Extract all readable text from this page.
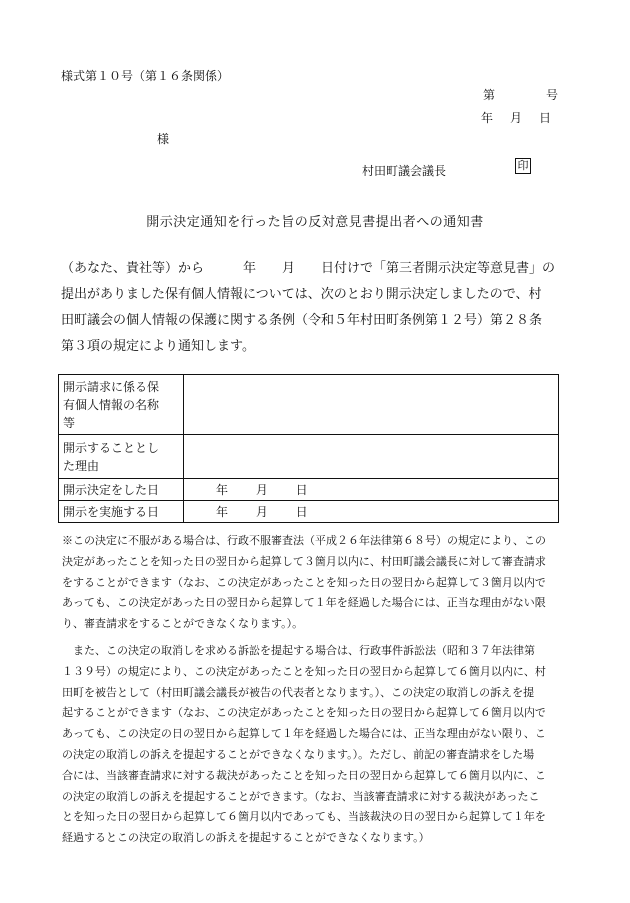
様式第１０号（第１６条関係）
第	号
年 月 日
様
村田町議会議長	印
開示決定通知を行った旨の反対意見書提出者への通知書
（あなた、貴社等）から　　　年　　月　　日付けで「第三者開示決定等意見書」の
提出がありました保有個人情報については、次のとおり開示決定しましたので、村
田町議会の個人情報の保護に関する条例（令和５年村田町条例第１２号）第２８条
第３項の規定により通知します。
開示請求に係る保
有個人情報の名称
等	

開示することとし
た理由	

開示決定をした日	年 月 日

開示を実施する日	年 月 日
※この決定に不服がある場合は、行政不服審査法（平成２６年法律第６８号）の規定により、この
決定があったことを知った日の翌日から起算して３箇月以内に、村田町議会議長に対して審査請求
をすることができます（なお、この決定があったことを知った日の翌日から起算して３箇月以内で
あっても、この決定があった日の翌日から起算して１年を経過した場合には、正当な理由がない限
り、審査請求をすることができなくなります。）。
　また、この決定の取消しを求める訴訟を提起する場合は、行政事件訴訟法（昭和３７年法律第
１３９号）の規定により、この決定があったことを知った日の翌日から起算して６箇月以内に、村
田町を被告として（村田町議会議長が被告の代表者となります。）、この決定の取消しの訴えを提
起することができます（なお、この決定があったことを知った日の翌日から起算して６箇月以内で
あっても、この決定の日の翌日から起算して１年を経過した場合には、正当な理由がない限り、こ
の決定の取消しの訴えを提起することができなくなります。）。ただし、前記の審査請求をした場
合には、当該審査請求に対する裁決があったことを知った日の翌日から起算して６箇月以内に、こ
の決定の取消しの訴えを提起することができます。（なお、当該審査請求に対する裁決があったこ
とを知った日の翌日から起算して６箇月以内であっても、当該裁決の日の翌日から起算して１年を
経過するとこの決定の取消しの訴えを提起することができなくなります。）
